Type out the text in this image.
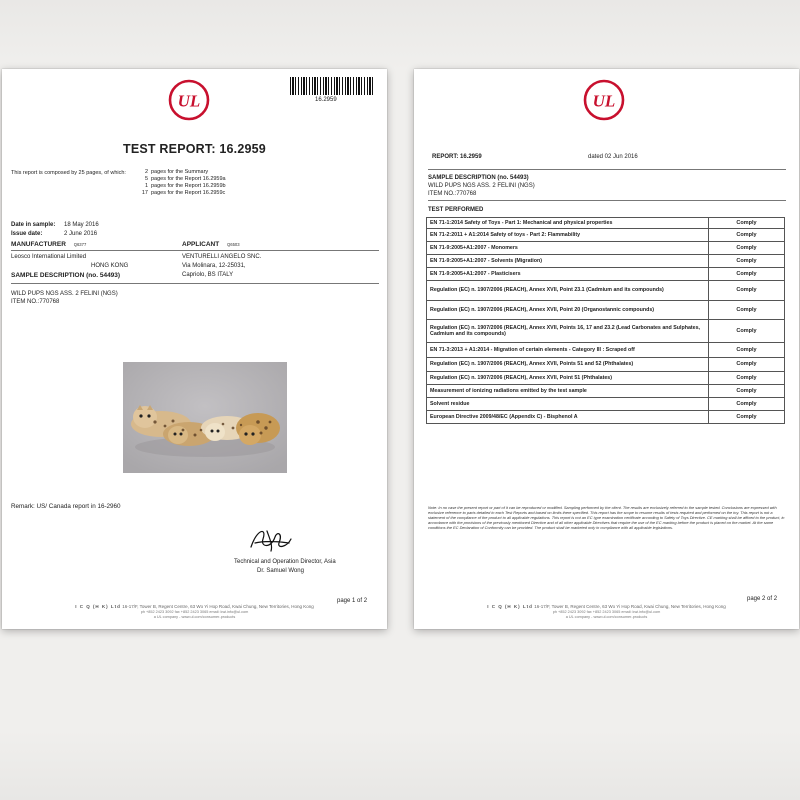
UL	16.2959
TEST REPORT: 16.2959
This report is composed by 25 pages, of which:	2 pages for the Summary
5 pages for the Report 16.2959a
1 pages for the Report 16.2959b
17 pages for the Report 16.2959c
Date in sample: 18 May 2016
Issue date:	2 June 2016
MANUFACTURER Q6377	APPLICANT Q6503
Leosco International Limited
HONG KONG
VENTURELLI ANGELO SNC.
Via Molinara, 12-25031,
Capriolo, BS ITALY
SAMPLE DESCRIPTION (no. 54493)
WILD PUPS NGS ASS. 2 FELINI (NGS)
ITEM NO.:770768
Remark: US/ Canada report in 16-2960
Technical and Operation Director, Asia
Dr. Samuel Wong
page 1 of 2
I C Q (H K) Ltd 16-17/F, Tower B, Regent Centre, 63 Wo Yi Hop Road, Kwai Chung, New Territories, Hong Kong
ph +852 2423 3092 fax +852 2423 3065 email: kwi.info@ul.com
a UL company - www.ul.com/consumer-products
UL
REPORT: 16.2959	dated 02 Jun 2016
SAMPLE DESCRIPTION (no. 54493)
WILD PUPS NGS ASS. 2 FELINI (NGS)
ITEM NO.:770768
TEST PERFORMED
EN 71-1:2014 Safety of Toys - Part 1: Mechanical and physical properties	Comply
EN 71-2:2011 + A1:2014 Safety of toys - Part 2: Flammability	Comply
EN 71-9:2005+A1:2007 - Monomers	Comply
EN 71-9:2005+A1:2007 - Solvents (Migration)	Comply
EN 71-9:2005+A1:2007 - Plasticisers	Comply
Regulation (EC) n. 1907/2006 (REACH), Annex XVII, Point 23.1 (Cadmium and its compounds)	Comply
Regulation (EC) n. 1907/2006 (REACH), Annex XVII, Point 20 (Organostannic compounds)	Comply
Regulation (EC) n. 1907/2006 (REACH), Annex XVII, Points 16, 17 and 23.2 (Lead Carbonates and Sulphates, Cadmium and its compounds)	Comply
EN 71-3:2013 + A1:2014 - Migration of certain elements - Category III : Scraped off	Comply
Regulation (EC) n. 1907/2006 (REACH), Annex XVII, Points 51 and 52 (Phthalates)	Comply
Regulation (EC) n. 1907/2006 (REACH), Annex XVII, Point 51 (Phthalates)	Comply
Measurement of ionizing radiations emitted by the test sample	Comply
Solvent residue	Comply
European Directive 2009/48/EC (Appendix C) - Bisphenol A	Comply
Note: In no case the present report or part of it can be reproduced or modified. Sampling performed by the client. The results are exclusively referred to the sample tested. Conclusions are expressed with exclusive reference to parts detailed in each Test Reports and based on limits there specified. This report has the scope to resume results of tests required and performed on the toy. This report is not a statement of the compliance of the product to all applicable regulations. This report is not an EC type examination certificate according to Safety of Toys Directive. CE marking shall be affixed to the product, in accordance with the provisions of the previously mentioned Directive and of all other applicable Directives that require the use of the EC marking before the product is placed on the market. At the same conditions the EC Declaration of Conformity can be provided. The product shall be marketed only in compliance with all applicable legislations.
page 2 of 2
I C Q (H K) Ltd 16-17/F, Tower B, Regent Centre, 63 Wo Yi Hop Road, Kwai Chung, New Territories, Hong Kong
ph +852 2423 3092 fax +852 2423 3065 email: kwi.info@ul.com
a UL company - www.ul.com/consumer-products
